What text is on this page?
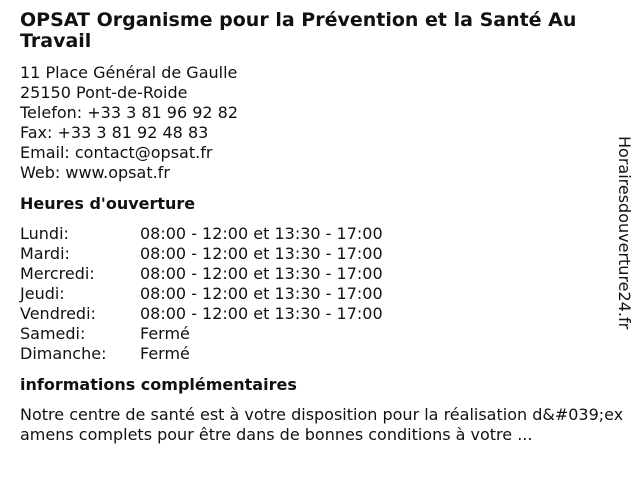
OPSAT Organisme pour la Prévention et la Santé Au Travail
11 Place Général de Gaulle
25150 Pont-de-Roide
Telefon: +33 3 81 96 92 82
Fax: +33 3 81 92 48 83
Email: contact@opsat.fr
Web: www.opsat.fr
Heures d'ouverture
Lundi:	08:00 - 12:00 et 13:30 - 17:00
Mardi:	08:00 - 12:00 et 13:30 - 17:00
Mercredi:	08:00 - 12:00 et 13:30 - 17:00
Jeudi:	08:00 - 12:00 et 13:30 - 17:00
Vendredi:	08:00 - 12:00 et 13:30 - 17:00
Samedi:	Fermé
Dimanche:	Fermé
informations complémentaires
Notre centre de santé est à votre disposition pour la réalisation d&#039;examens complets pour être dans de bonnes conditions à votre ...
Horairesdouverture24.fr
